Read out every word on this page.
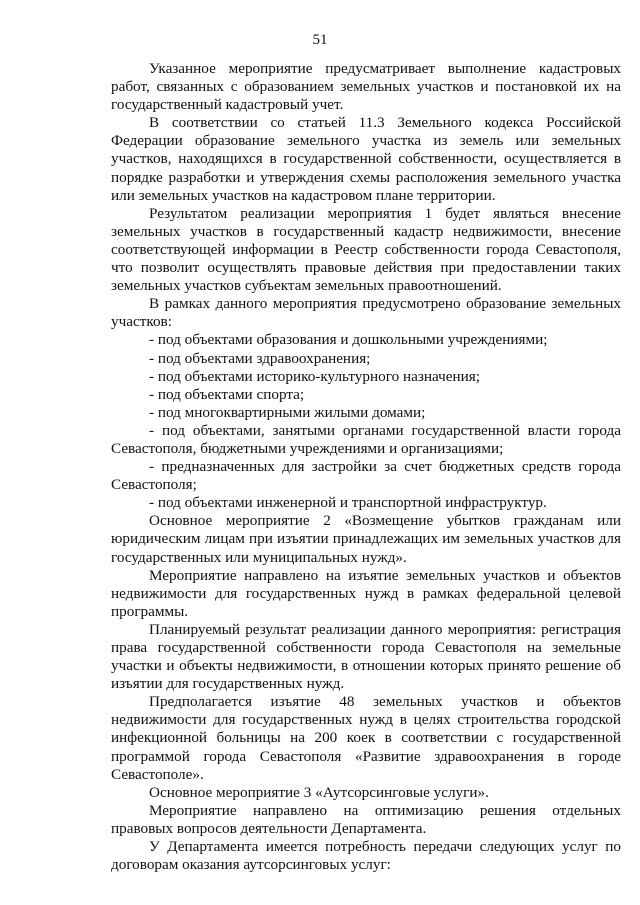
51

Указанное мероприятие предусматривает выполнение кадастровых работ, связанных с образованием земельных участков и постановкой их на государственный кадастровый учет.

В соответствии со статьей 11.3 Земельного кодекса Российской Федерации образование земельного участка из земель или земельных участков, находящихся в государственной собственности, осуществляется в порядке разработки и утверждения схемы расположения земельного участка или земельных участков на кадастровом плане территории.

Результатом реализации мероприятия 1 будет являться внесение земельных участков в государственный кадастр недвижимости, внесение соответствующей информации в Реестр собственности города Севастополя, что позволит осуществлять правовые действия при предоставлении таких земельных участков субъектам земельных правоотношений.

В рамках данного мероприятия предусмотрено образование земельных участков:

- под объектами образования и дошкольными учреждениями;

- под объектами здравоохранения;

- под объектами историко-культурного назначения;

- под объектами спорта;

- под многоквартирными жилыми домами;

- под объектами, занятыми органами государственной власти города Севастополя, бюджетными учреждениями и организациями;

- предназначенных для застройки за счет бюджетных средств города Севастополя;

- под объектами инженерной и транспортной инфраструктур.

Основное мероприятие 2 «Возмещение убытков гражданам или юридическим лицам при изъятии принадлежащих им земельных участков для государственных или муниципальных нужд».

Мероприятие направлено на изъятие земельных участков и объектов недвижимости для государственных нужд в рамках федеральной целевой программы.

Планируемый результат реализации данного мероприятия: регистрация права государственной собственности города Севастополя на земельные участки и объекты недвижимости, в отношении которых принято решение об изъятии для государственных нужд.

Предполагается изъятие 48 земельных участков и объектов недвижимости для государственных нужд в целях строительства городской инфекционной больницы на 200 коек в соответствии с государственной программой города Севастополя «Развитие здравоохранения в городе Севастополе».

Основное мероприятие 3 «Аутсорсинговые услуги».

Мероприятие направлено на оптимизацию решения отдельных правовых вопросов деятельности Департамента.

У Департамента имеется потребность передачи следующих услуг по договорам оказания аутсорсинговых услуг:
